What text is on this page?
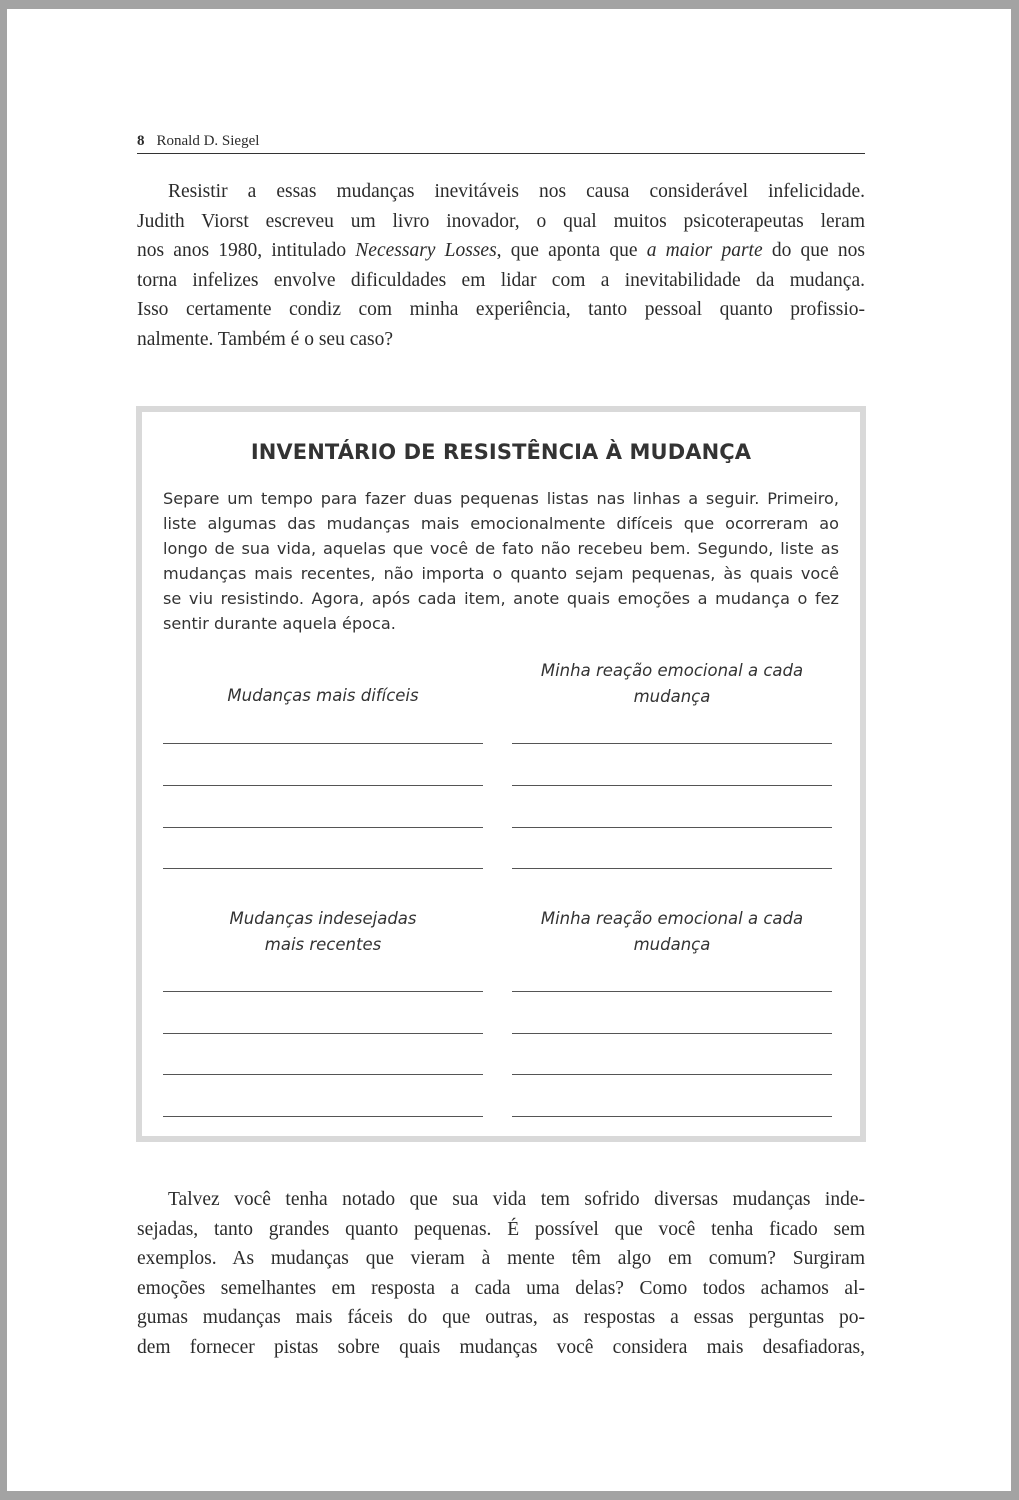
8 Ronald D. Siegel

Resistir a essas mudanças inevitáveis nos causa considerável infelicidade.
Judith Viorst escreveu um livro inovador, o qual muitos psicoterapeutas leram
nos anos 1980, intitulado Necessary Losses, que aponta que a maior parte do que nos
torna infelizes envolve dificuldades em lidar com a inevitabilidade da mudança.
Isso certamente condiz com minha experiência, tanto pessoal quanto profissio-
nalmente. Também é o seu caso?

INVENTÁRIO DE RESISTÊNCIA À MUDANÇA

Separe um tempo para fazer duas pequenas listas nas linhas a seguir. Primeiro,
liste algumas das mudanças mais emocionalmente difíceis que ocorreram ao
longo de sua vida, aquelas que você de fato não recebeu bem. Segundo, liste as
mudanças mais recentes, não importa o quanto sejam pequenas, às quais você
se viu resistindo. Agora, após cada item, anote quais emoções a mudança o fez
sentir durante aquela época.

Mudanças mais difíceis

Minha reação emocional a cada
mudança

Mudanças indesejadas
mais recentes

Minha reação emocional a cada
mudança

Talvez você tenha notado que sua vida tem sofrido diversas mudanças inde-
sejadas, tanto grandes quanto pequenas. É possível que você tenha ficado sem
exemplos. As mudanças que vieram à mente têm algo em comum? Surgiram
emoções semelhantes em resposta a cada uma delas? Como todos achamos al-
gumas mudanças mais fáceis do que outras, as respostas a essas perguntas po-
dem fornecer pistas sobre quais mudanças você considera mais desafiadoras,
